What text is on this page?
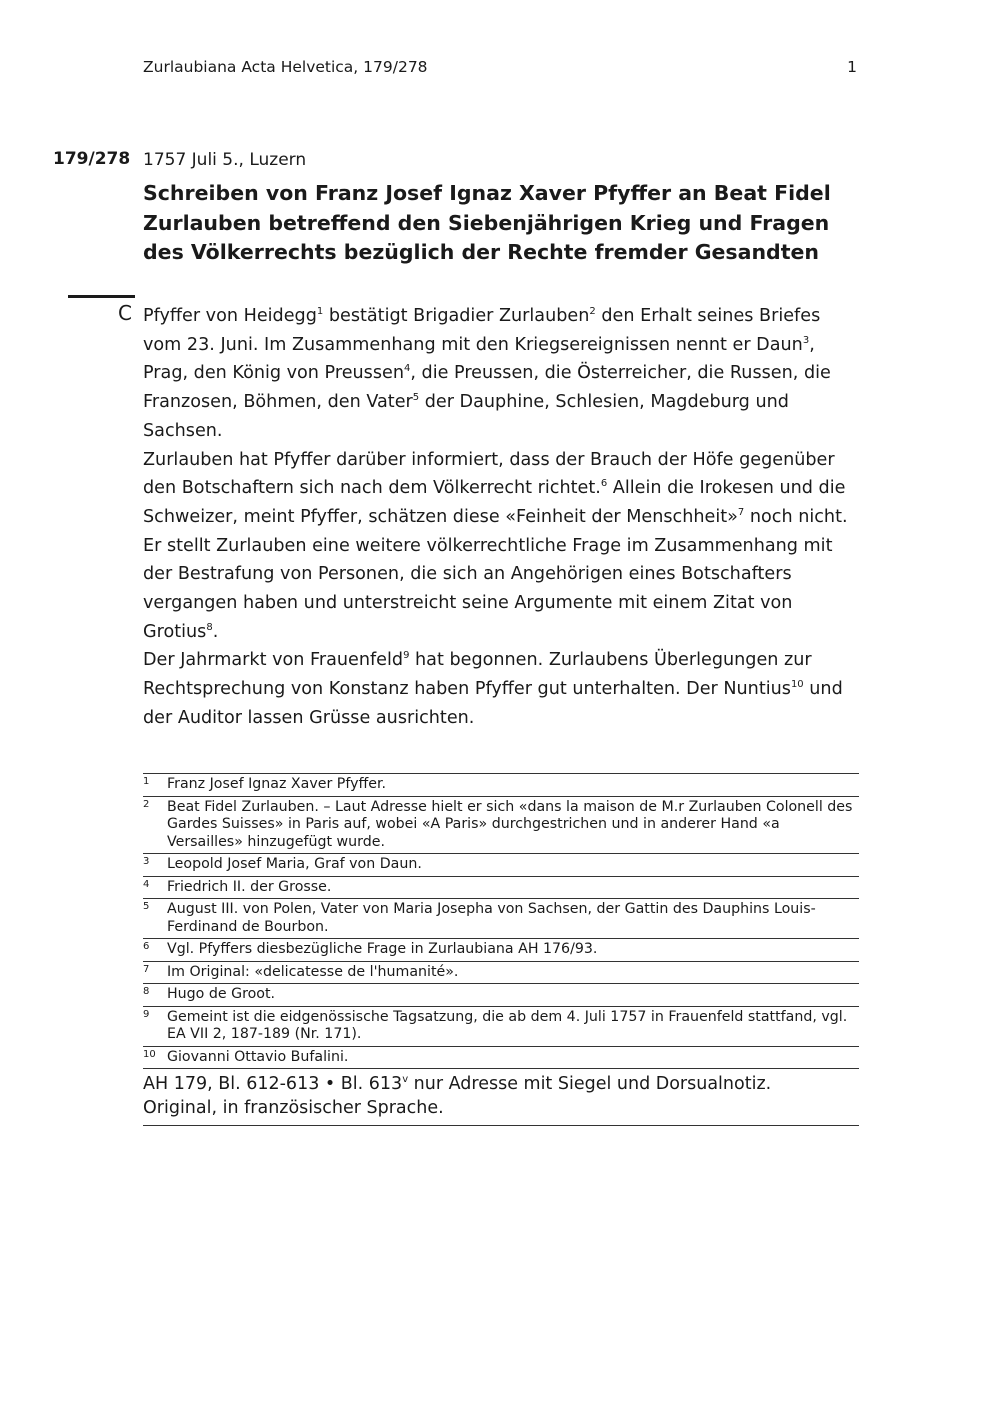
Zurlaubiana Acta Helvetica, 179/278	1
179/278 1757 Juli 5., Luzern
Schreiben von Franz Josef Ignaz Xaver Pfyffer an Beat Fidel Zurlauben betreffend den Siebenjährigen Krieg und Fragen des Völkerrechts bezüglich der Rechte fremder Gesandten
C Pfyffer von Heidegg$^1$ bestätigt Brigadier Zurlauben$^2$ den Erhalt seines Briefes vom 23. Juni. Im Zusammenhang mit den Kriegsereignissen nennt er Daun$^3$, Prag, den König von Preussen$^4$, die Preussen, die Österreicher, die Russen, die Franzosen, Böhmen, den Vater$^5$ der Dauphine, Schlesien, Magdeburg und Sachsen.

Zurlauben hat Pfyffer darüber informiert, dass der Brauch der Höfe gegenüber den Botschaftern sich nach dem Völkerrecht richtet.$^6$ Allein die Irokesen und die Schweizer, meint Pfyffer, schätzen diese «Feinheit der Menschheit»$^7$ noch nicht. Er stellt Zurlauben eine weitere völkerrechtliche Frage im Zusammenhang mit der Bestrafung von Personen, die sich an Angehörigen eines Botschafters vergangen haben und unterstreicht seine Argumente mit einem Zitat von Grotius$^8$.

Der Jahrmarkt von Frauenfeld$^9$ hat begonnen. Zurlaubens Überlegungen zur Rechtsprechung von Konstanz haben Pfyffer gut unterhalten. Der Nuntius$^{10}$ und der Auditor lassen Grüsse ausrichten.

1	Franz Josef Ignaz Xaver Pfyffer.
2	Beat Fidel Zurlauben. – Laut Adresse hielt er sich «dans la maison de M.r Zurlauben Colonell des Gardes Suisses» in Paris auf, wobei «A Paris» durchgestrichen und in anderer Hand «a Versailles» hinzugefügt wurde.
3	Leopold Josef Maria, Graf von Daun.
4	Friedrich II. der Grosse.
5	August III. von Polen, Vater von Maria Josepha von Sachsen, der Gattin des Dauphins Louis-Ferdinand de Bourbon.
6	Vgl. Pfyffers diesbezügliche Frage in Zurlaubiana AH 176/93.
7	Im Original: «delicatesse de l'humanité».
8	Hugo de Groot.
9	Gemeint ist die eidgenössische Tagsatzung, die ab dem 4. Juli 1757 in Frauenfeld stattfand, vgl. EA VII 2, 187-189 (Nr. 171).
10 Giovanni Ottavio Bufalini.
AH 179, Bl. 612-613 • Bl. 613$^v$ nur Adresse mit Siegel und Dorsualnotiz.
Original, in französischer Sprache.
